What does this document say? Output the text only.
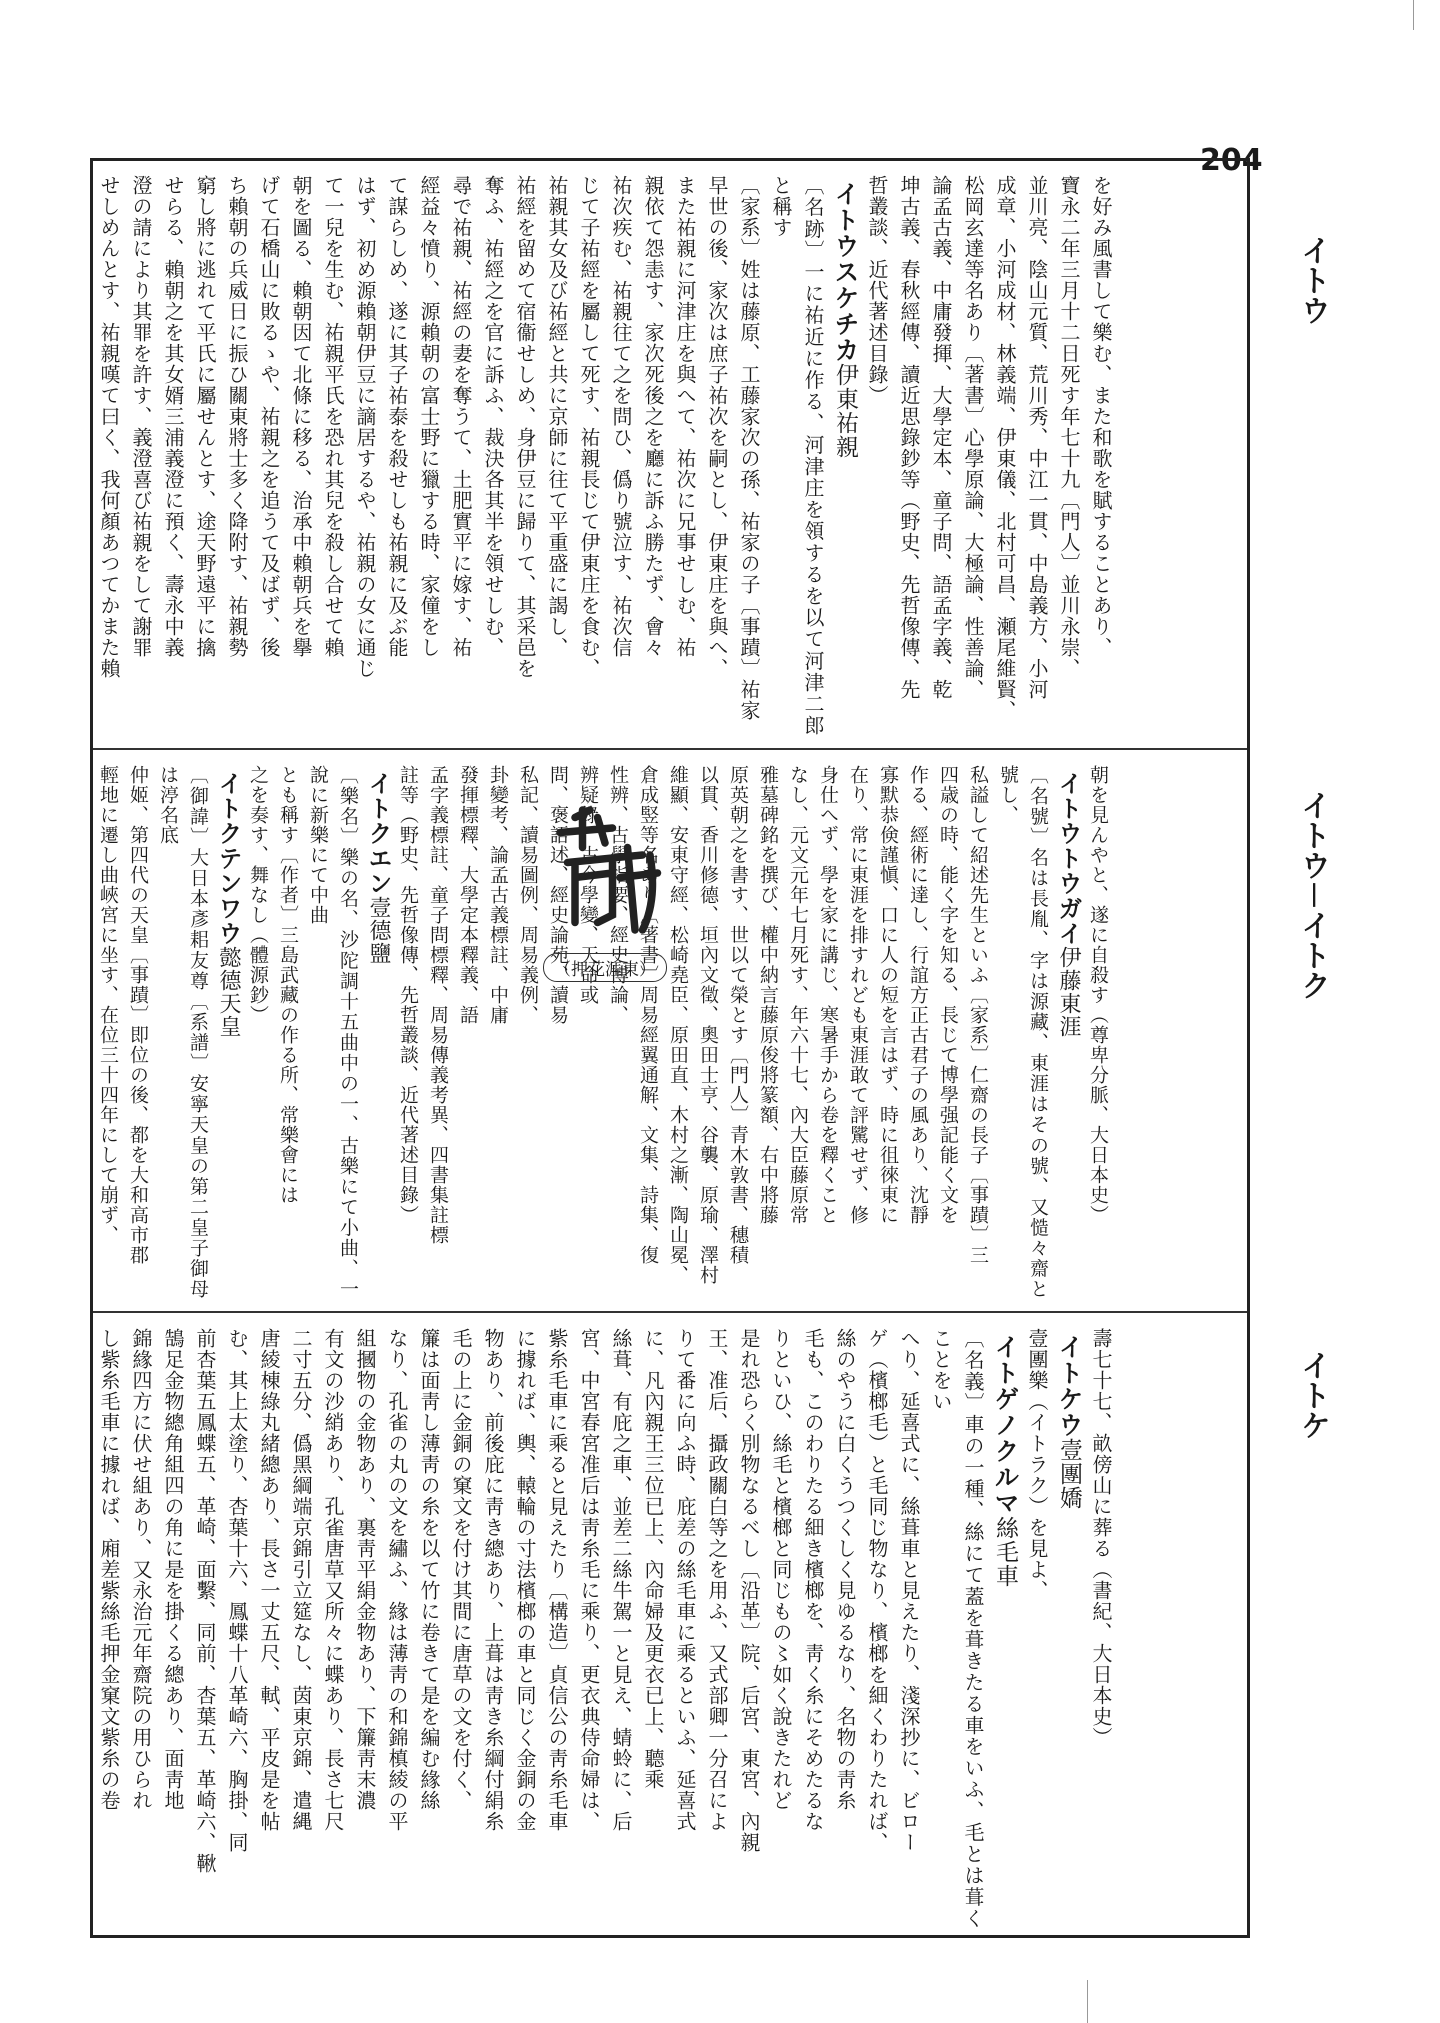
204
を好み風書して樂む、また和歌を賦することあり、
寶永二年三月十二日死す年七十九〔門人〕並川永崇、
並川亮、陰山元質、荒川秀、中江一貫、中島義方、小河
成章、小河成材、林義端、伊東儀、北村可昌、瀬尾維賢、
松岡玄達等名あり〔著書〕心學原論、大極論、性善論、
論孟古義、中庸發揮、大學定本、童子問、語孟字義、乾
坤古義、春秋經傳、讀近思錄鈔等（野史、先哲像傳、先
哲叢談、近代著述目錄）
イトウスケチカ伊東祐親
〔名跡〕一に祐近に作る、河津庄を領するを以て河津二郎と稱す
〔家系〕姓は藤原、工藤家次の孫、祐家の子〔事蹟〕祐家
早世の後、家次は庶子祐次を嗣とし、伊東庄を與へ、
また祐親に河津庄を與へて、祐次に兄事せしむ、祐
親依て怨恚す、家次死後之を廳に訴ふ勝たず、會々
祐次疾む、祐親往て之を問ひ、僞り號泣す、祐次信
じて子祐經を屬して死す、祐親長じて伊東庄を食む、
祐親其女及び祐經と共に京師に往て平重盛に謁し、
祐經を留めて宿衞せしめ、身伊豆に歸りて、其采邑を
奪ふ、祐經之を官に訴ふ、裁決各其半を領せしむ、
尋で祐親、祐經の妻を奪うて、土肥實平に嫁す、祐
經益々憤り、源賴朝の富士野に獵する時、家僮をし
て謀らしめ、遂に其子祐泰を殺せしも祐親に及ぶ能
はず、初め源賴朝伊豆に謫居するや、祐親の女に通じ
て一兒を生む、祐親平氏を恐れ其兒を殺し合せて賴
朝を圖る、賴朝因て北條に移る、治承中賴朝兵を擧
げて石橋山に敗るゝや、祐親之を追うて及ばず、後
ち賴朝の兵威日に振ひ關東將士多く降附す、祐親勢
窮し將に逃れて平氏に屬せんとす、途天野遠平に擒
せらる、賴朝之を其女婿三浦義澄に預く、壽永中義
澄の請により其罪を許す、義澄喜び祐親をして謝罪
せしめんとす、祐親嘆て曰く、我何顏あつてかまた賴
朝を見んやと、遂に自殺す（尊卑分脈、大日本史）
イトウトウガイ伊藤東涯
〔名號〕名は長胤、字は源藏、東涯はその號、又慥々齋と號し、
私謚して紹述先生といふ〔家系〕仁齋の長子〔事蹟〕三
四歳の時、能く字を知る、長じて博學强記能く文を
作る、經術に達し、行誼方正古君子の風あり、沈靜
寡默恭倹謹愼、口に人の短を言はず、時に徂徠東に
在り、常に東涯を排すれども東涯敢て評騭せず、修
身仕へず、學を家に講じ、寒暑手から卷を釋くこと
なし、元文元年七月死す、年六十七、內大臣藤原常
雅墓碑銘を撰び、權中納言藤原俊將篆額、右中將藤
原英朝之を書す、世以て榮とす〔門人〕青木敦書、穗積
以貫、香川修德、垣內文徵、奧田士亨、谷襲、原瑜、澤村
維顯、安東守經、松崎堯臣、原田直、木村之漸、陶山冕、
倉成竪等名あり〔著書〕周易經翼通解、文集、詩集、復
性辨、古學指要、經史博論、
辨疑錄、古今學變、天命或
問、褒語述、經史論苑、讀易
私記、讀易圖例、周易義例、
卦變考、論孟古義標註、中庸
發揮標釋、大學定本釋義、語
孟字義標註、童子問標釋、周易傳義考異、四書集註標
註等（野史、先哲像傳、先哲叢談、近代著述目錄）
イトクエン壹德鹽
〔樂名〕樂の名、沙陀調十五曲中の一、古樂にて小曲、一說に新樂にて中曲
とも稱す〔作者〕三島武藏の作る所、常樂會には
之を奏す、舞なし（體源鈔）
イトクテンワウ懿德天皇
〔御諱〕大日本彥耜友尊〔系譜〕安寧天皇の第二皇子御母は渟名底
仲姬、第四代の天皇〔事蹟〕即位の後、都を大和高市郡
輕地に遷し曲峽宮に坐す、在位三十四年にして崩ず、
壽七十七、畝傍山に葬る（書紀、大日本史）
イトケウ壹團嬌
壹團樂（イトラク）を見よ、
イトゲノクルマ絲毛車
〔名義〕車の一種、絲にて蓋を葺きたる車をいふ、毛とは葺くことをい
へり、延喜式に、絲葺車と見えたり、淺深抄に、ビロー
ゲ（檳榔毛）と毛同じ物なり、檳榔を細くわりたれば、
絲のやうに白くうつくしく見ゆるなり、名物の靑糸
毛も、このわりたる細き檳榔を、靑く糸にそめたるな
りといひ、絲毛と檳榔と同じもの〻如く說きたれど
是れ恐らく別物なるべし〔沿革〕院、后宮、東宮、內親
王、准后、攝政關白等之を用ふ、又式部卿一分召によ
りて番に向ふ時、庇差の絲毛車に乘るといふ、延喜式
に、凡內親王三位已上、內命婦及更衣已上、聽乘
絲葺、有庇之車、並差二絲牛駕一と見え、蜻蛉に、后
宮、中宮春宮准后は靑糸毛に乘り、更衣典侍命婦は、
紫糸毛車に乘ると見えたり〔構造〕貞信公の靑糸毛車
に據れば、輿、轅輪の寸法檳榔の車と同じく金銅の金
物あり、前後庇に靑き總あり、上葺は靑き糸綱付絹糸
毛の上に金銅の窠文を付け其間に唐草の文を付く、
簾は面靑し薄靑の糸を以て竹に卷きて是を編む緣絲
なり、孔雀の丸の文を繡ふ、緣は薄靑の和錦槙綾の平
組摑物の金物あり、裏靑平絹金物あり、下簾靑末濃
有文の沙綃あり、孔雀唐草又所々に蝶あり、長さ七尺
二寸五分、僞黑綱端京錦引立筵なし、茵東京錦、遣縄
唐綾棟綠丸緒總あり、長さ一丈五尺、軾、平皮是を帖
む、其上太塗り、杏葉十六、鳳蝶十八革崎六、胸掛、同
前杏葉五鳳蝶五、革崎、面繫、同前、杏葉五、革崎六、鞦
鵠足金物總角組四の角に是を掛くる總あり、面靑地
錦緣四方に伏せ組あり、又永治元年齋院の用ひられ
し紫糸毛車に據れば、廂差紫絲毛押金窠文紫糸の卷
イトウ
イトウ－イトク
イトケ
（押花涯東）
